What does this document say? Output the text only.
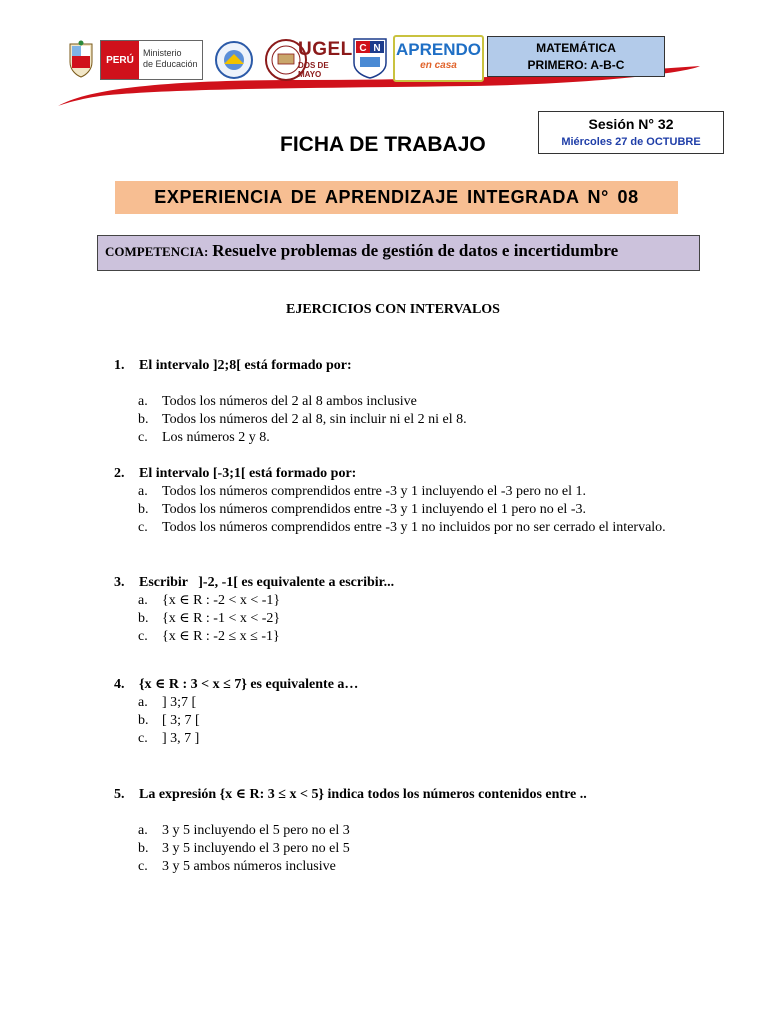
PERÚ
Ministerio
de Educación
UGEL
DOS DE MAYO
C N APRENDO
en casa
MATEMÁTICA
PRIMERO: A-B-C
Sesión N° 32
Miércoles 27 de OCTUBRE
FICHA DE TRABAJO
EXPERIENCIA DE APRENDIZAJE INTEGRADA N° 08
COMPETENCIA: Resuelve problemas de gestión de datos e incertidumbre
EJERCICIOS CON INTERVALOS
1.	El intervalo ]2;8[ está formado por:
a.	Todos los números del 2 al 8 ambos inclusive
b. Todos los números del 2 al 8, sin incluir ni el 2 ni el 8.
c.	Los números 2 y 8.
2.	El intervalo [-3;1[ está formado por:
a.	Todos los números comprendidos entre -3 y 1 incluyendo el -3 pero no el 1.
b. Todos los números comprendidos entre -3 y 1 incluyendo el 1 pero no el -3.
c.	Todos los números comprendidos entre -3 y 1 no incluidos por no ser cerrado el intervalo.
3.	Escribir   ]-2, -1[ es equivalente a escribir...
a.	{x ∈ R : -2 < x < -1}
b. {x ∈ R : -1 < x < -2}
c.	{x ∈ R : -2 ≤ x ≤ -1}
4.	{x ∈ R : 3 < x ≤ 7} es equivalente a…
a.	] 3;7 [
b. [ 3; 7 [
c.	] 3, 7 ]
5.	La expresión {x ∈ R: 3 ≤ x < 5} indica todos los números contenidos entre ..
a.	3 y 5 incluyendo el 5 pero no el 3
b. 3 y 5 incluyendo el 3 pero no el 5
c.	3 y 5 ambos números inclusive
